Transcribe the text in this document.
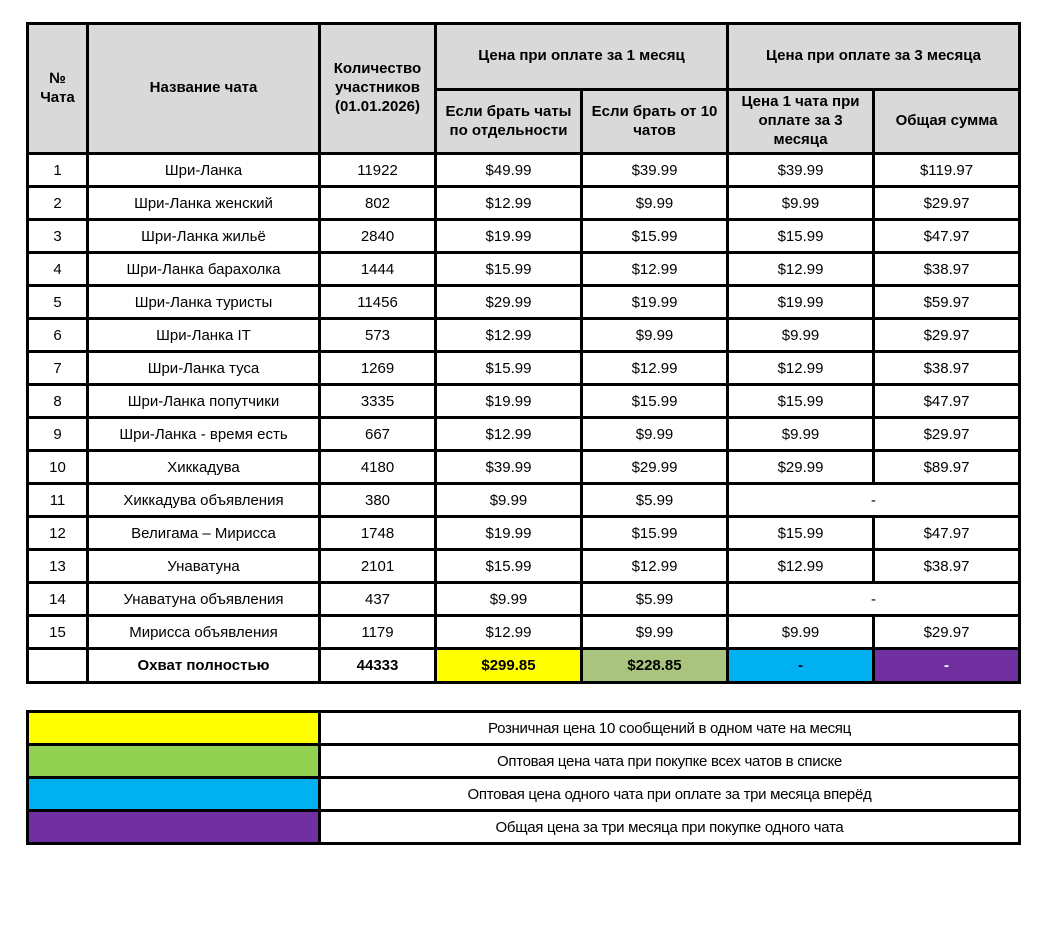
№ Чата	Название чата	Количество участников (01.01.2026)	Цена при оплате за 1 месяц		Цена при оплате за 3 месяца	
			Если брать чаты по отдельности	Если брать от 10 чатов	Цена 1 чата при оплате за 3 месяца	Общая сумма
1	Шри-Ланка	11922	$49.99	$39.99	$39.99	$119.97
2	Шри-Ланка женский	802	$12.99	$9.99	$9.99	$29.97
3	Шри-Ланка жильё	2840	$19.99	$15.99	$15.99	$47.97
4	Шри-Ланка барахолка	1444	$15.99	$12.99	$12.99	$38.97
5	Шри-Ланка туристы	11456	$29.99	$19.99	$19.99	$59.97
6	Шри-Ланка IT	573	$12.99	$9.99	$9.99	$29.97
7	Шри-Ланка туса	1269	$15.99	$12.99	$12.99	$38.97
8	Шри-Ланка попутчики	3335	$19.99	$15.99	$15.99	$47.97
9	Шри-Ланка - время есть	667	$12.99	$9.99	$9.99	$29.97
10	Хиккадува	4180	$39.99	$29.99	$29.99	$89.97
11	Хиккадува объявления	380	$9.99	$5.99	-	
12	Велигама – Мирисса	1748	$19.99	$15.99	$15.99	$47.97
13	Унаватуна	2101	$15.99	$12.99	$12.99	$38.97
14	Унаватуна объявления	437	$9.99	$5.99	-	
15	Мирисса объявления	1179	$12.99	$9.99	$9.99	$29.97
	Охват полностью	44333	$299.85	$228.85	-	-
	Розничная цена 10 сообщений в одном чате на месяц
	Оптовая цена чата при покупке всех чатов в списке
	Оптовая цена одного чата при оплате за три месяца вперёд
	Общая цена за три месяца при покупке одного чата
